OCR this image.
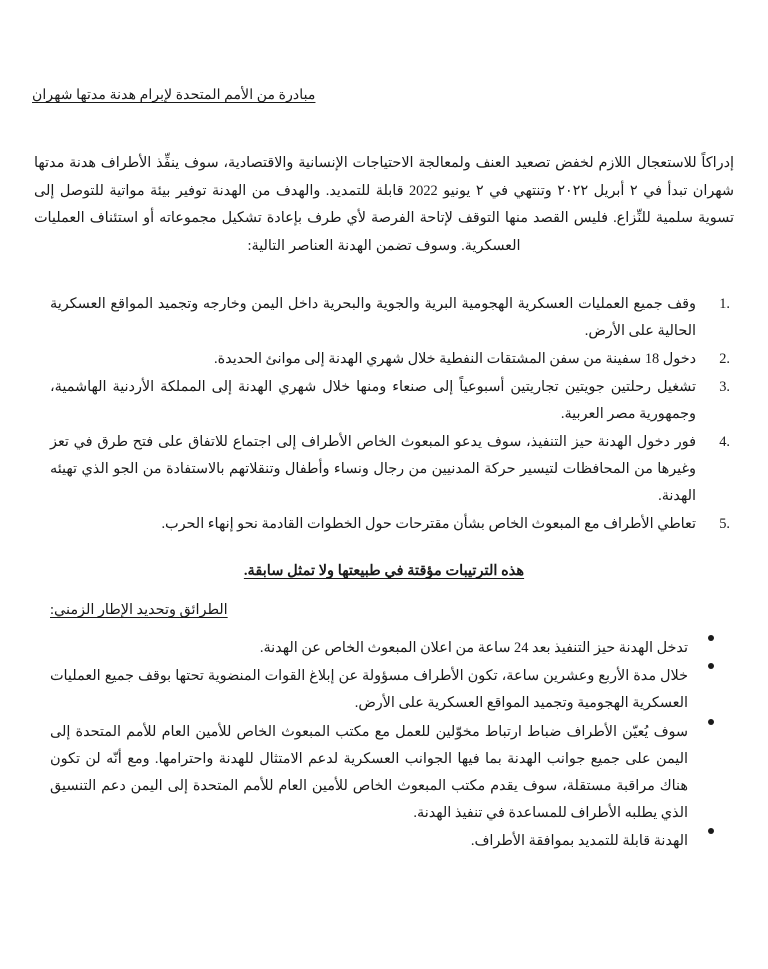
مبادرة من الأمم المتحدة لإبرام هدنة مدتها شهران

إدراكاً للاستعجال اللازم لخفض تصعيد العنف ولمعالجة الاحتياجات الإنسانية والاقتصادية، سوف ينفِّذ الأطراف هدنة مدتها شهران تبدأ في ٢ أبريل ٢٠٢٢ وتنتهي في ٢ يونيو 2022 قابلة للتمديد. والهدف من الهدنة توفير بيئة مواتية للتوصل إلى تسوية سلمية للنِّزاع. فليس القصد منها التوقف لإتاحة الفرصة لأي طرف بإعادة تشكيل مجموعاته أو استئناف العمليات العسكرية. وسوف تضمن الهدنة العناصر التالية:

1.
وقف جميع العمليات العسكرية الهجومية البرية والجوية والبحرية داخل اليمن وخارجه وتجميد المواقع العسكرية الحالية على الأرض.
2.
دخول 18 سفينة من سفن المشتقات النفطية خلال شهري الهدنة إلى موانئ الحديدة.
3.
تشغيل رحلتين جويتين تجاريتين أسبوعياً إلى صنعاء ومنها خلال شهري الهدنة إلى المملكة الأردنية الهاشمية، وجمهورية مصر العربية.
4.
فور دخول الهدنة حيز التنفيذ، سوف يدعو المبعوث الخاص الأطراف إلى اجتماع للاتفاق على فتح طرق في تعز وغيرها من المحافظات لتيسير حركة المدنيين من رجال ونساء وأطفال وتنقلاتهم بالاستفادة من الجو الذي تهيئه الهدنة.
5.
تعاطي الأطراف مع المبعوث الخاص بشأن مقترحات حول الخطوات القادمة نحو إنهاء الحرب.
هذه الترتيبات مؤقتة في طبيعتها ولا تمثل سابقة.
الطرائق وتحديد الإطار الزمني:
تدخل الهدنة حيز التنفيذ بعد 24 ساعة من اعلان المبعوث الخاص عن الهدنة.
خلال مدة الأربع وعشرين ساعة، تكون الأطراف مسؤولة عن إبلاغ القوات المنضوية تحتها بوقف جميع العمليات العسكرية الهجومية وتجميد المواقع العسكرية على الأرض.
سوف يُعيّن الأطراف ضباط ارتباط مخوّلين للعمل مع مكتب المبعوث الخاص للأمين العام للأمم المتحدة إلى اليمن على جميع جوانب الهدنة بما فيها الجوانب العسكرية لدعم الامتثال للهدنة واحترامها. ومع أنّه لن تكون هناك مراقبة مستقلة، سوف يقدم مكتب المبعوث الخاص للأمين العام للأمم المتحدة إلى اليمن دعم التنسيق الذي يطلبه الأطراف للمساعدة في تنفيذ الهدنة.
الهدنة قابلة للتمديد بموافقة الأطراف.
